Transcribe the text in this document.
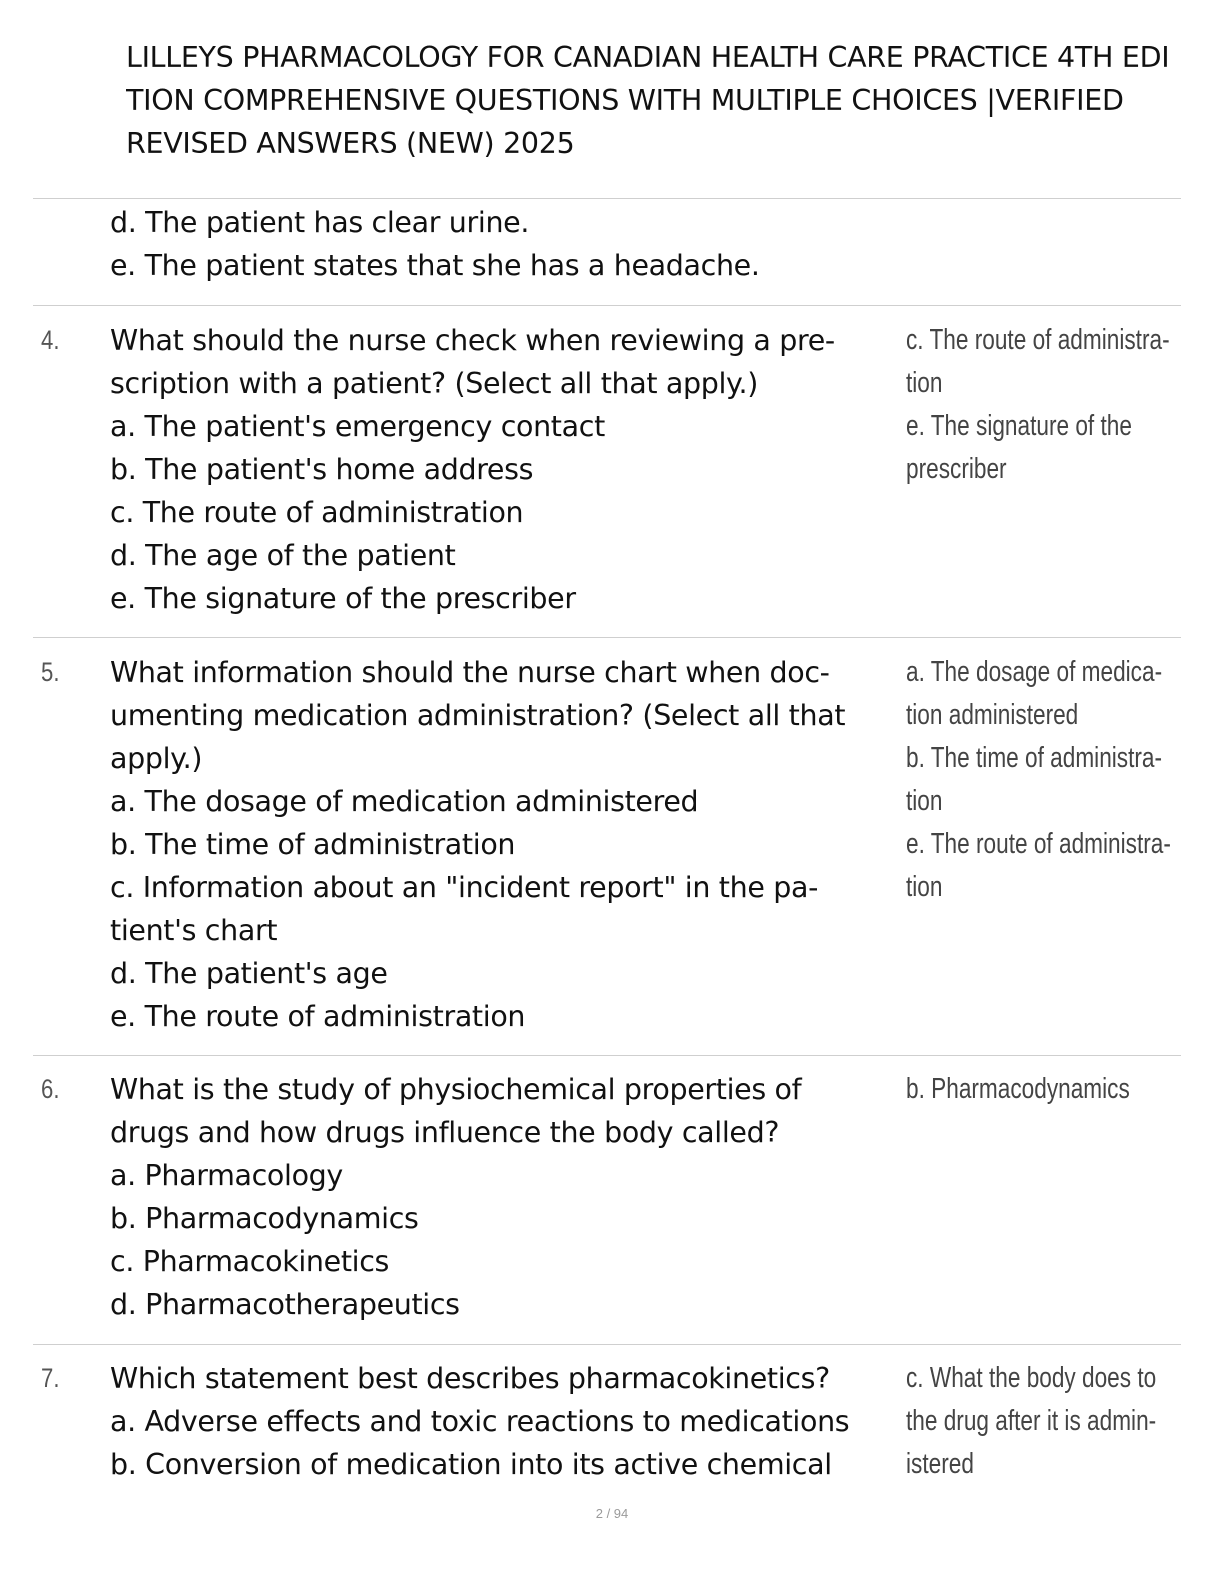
LILLEYS PHARMACOLOGY FOR CANADIAN HEALTH CARE PRACTICE 4TH EDI
TION COMPREHENSIVE QUESTIONS WITH MULTIPLE CHOICES |VERIFIED
REVISED ANSWERS (NEW) 2025
d. The patient has clear urine.
e. The patient states that she has a headache.
4. What should the nurse check when reviewing a pre-
scription with a patient? (Select all that apply.)
a. The patient's emergency contact
b. The patient's home address
c. The route of administration
d. The age of the patient
e. The signature of the prescriber
c. The route of administra-
tion
e. The signature of the
prescriber
5. What information should the nurse chart when doc-
umenting medication administration? (Select all that
apply.)
a. The dosage of medication administered
b. The time of administration
c. Information about an "incident report" in the pa-
tient's chart
d. The patient's age
e. The route of administration
a. The dosage of medica-
tion administered
b. The time of administra-
tion
e. The route of administra-
tion
6. What is the study of physiochemical properties of
drugs and how drugs influence the body called?
a. Pharmacology
b. Pharmacodynamics
c. Pharmacokinetics
d. Pharmacotherapeutics
b. Pharmacodynamics
7. Which statement best describes pharmacokinetics?
a. Adverse effects and toxic reactions to medications
b. Conversion of medication into its active chemical
c. What the body does to
the drug after it is admin-
istered
2 / 94
